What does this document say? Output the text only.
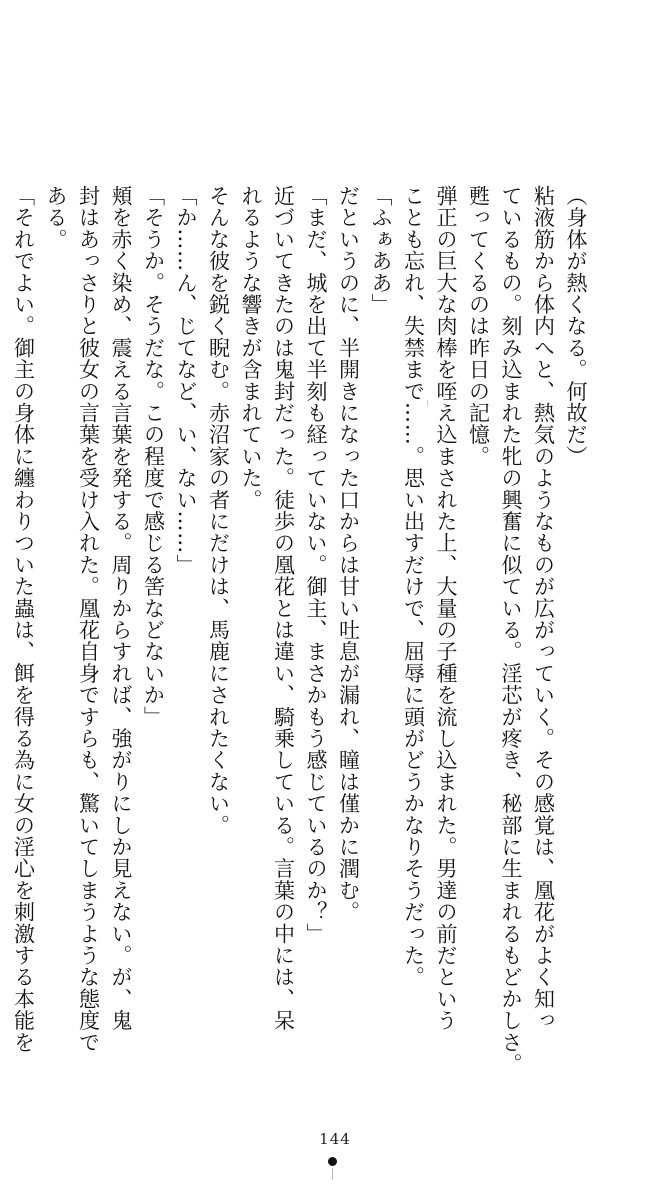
（身体が熱くなる。何故だ）
粘液筋から体内へと、熱気のようなものが広がっていく。その感覚は、凰花がよく知っ
ているもの。刻み込まれた牝の興奮に似ている。淫芯が疼き、秘部に生まれるもどかしさ。
甦ってくるのは昨日の記憶。
弾正の巨大な肉棒を咥え込まされた上、大量の子種を流し込まれた。男達の前だという
ことも忘れ、失禁まで……。思い出すだけで、屈辱に頭がどうかなりそうだった。
「ふぁああ」
だというのに、半開きになった口からは甘い吐息が漏れ、瞳は僅かに潤む。
「まだ、城を出て半刻も経っていない。御主、まさかもう感じているのか？」
近づいてきたのは鬼封だった。徒歩の凰花とは違い、騎乗している。言葉の中には、呆
れるような響きが含まれていた。
そんな彼を鋭く睨む。赤沼家の者にだけは、馬鹿にされたくない。
「か……ん、じてなど、い、ない……」
「そうか。そうだな。この程度で感じる筈などないか」
頬を赤く染め、震える言葉を発する。周りからすれば、強がりにしか見えない。が、鬼
封はあっさりと彼女の言葉を受け入れた。凰花自身ですらも、驚いてしまうような態度で
ある。
「それでよい。御主の身体に纏わりついた蟲は、餌を得る為に女の淫心を刺激する本能を
144
